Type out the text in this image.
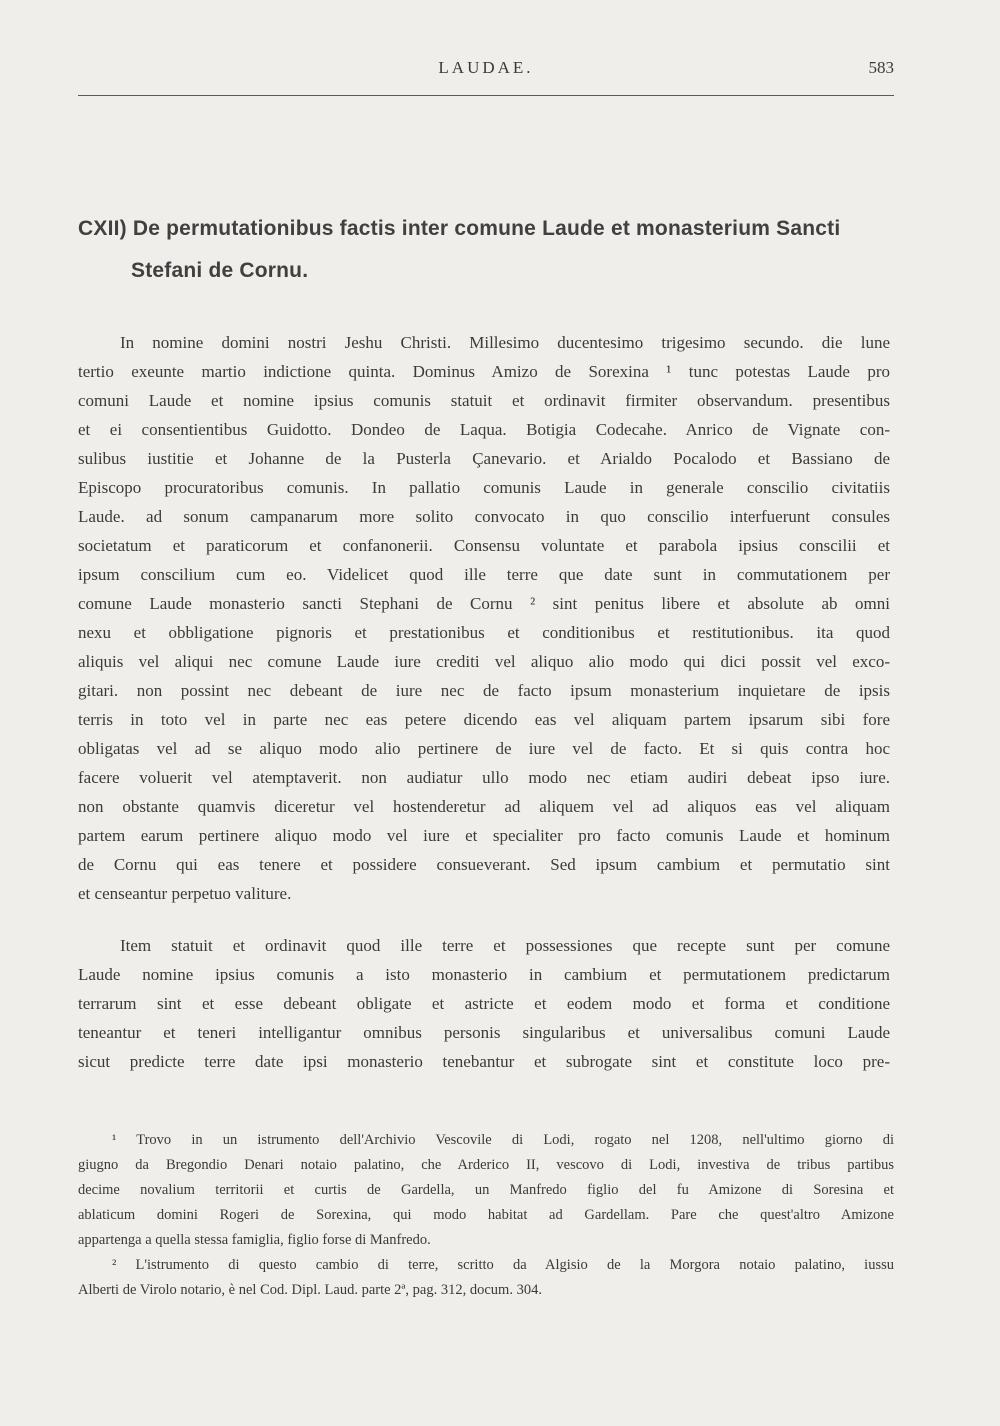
LAUDAE.	583
CXII) De permutationibus factis inter comune Laude et monasterium Sancti
Stefani de Cornu.
In nomine domini nostri Jeshu Christi. Millesimo ducentesimo trigesimo secundo. die lune
tertio exeunte martio indictione quinta. Dominus Amizo de Sorexina ¹ tunc potestas Laude pro
comuni Laude et nomine ipsius comunis statuit et ordinavit firmiter observandum. presentibus
et ei consentientibus Guidotto. Dondeo de Laqua. Botigia Codecahe. Anrico de Vignate con-
sulibus iustitie et Johanne de la Pusterla Çanevario. et Arialdo Pocalodo et Bassiano de
Episcopo procuratoribus comunis. In pallatio comunis Laude in generale conscilio civitatiis
Laude. ad sonum campanarum more solito convocato in quo conscilio interfuerunt consules
societatum et paraticorum et confanonerii. Consensu voluntate et parabola ipsius conscilii et
ipsum conscilium cum eo. Videlicet quod ille terre que date sunt in commutationem per
comune Laude monasterio sancti Stephani de Cornu ² sint penitus libere et absolute ab omni
nexu et obbligatione pignoris et prestationibus et conditionibus et restitutionibus. ita quod
aliquis vel aliqui nec comune Laude iure crediti vel aliquo alio modo qui dici possit vel exco-
gitari. non possint nec debeant de iure nec de facto ipsum monasterium inquietare de ipsis
terris in toto vel in parte nec eas petere dicendo eas vel aliquam partem ipsarum sibi fore
obligatas vel ad se aliquo modo alio pertinere de iure vel de facto. Et si quis contra hoc
facere voluerit vel atemptaverit. non audiatur ullo modo nec etiam audiri debeat ipso iure.
non obstante quamvis diceretur vel hostenderetur ad aliquem vel ad aliquos eas vel aliquam
partem earum pertinere aliquo modo vel iure et specialiter pro facto comunis Laude et hominum
de Cornu qui eas tenere et possidere consueverant. Sed ipsum cambium et permutatio sint
et censeantur perpetuo valiture.
Item statuit et ordinavit quod ille terre et possessiones que recepte sunt per comune
Laude nomine ipsius comunis a isto monasterio in cambium et permutationem predictarum
terrarum sint et esse debeant obligate et astricte et eodem modo et forma et conditione
teneantur et teneri intelligantur omnibus personis singularibus et universalibus comuni Laude
sicut predicte terre date ipsi monasterio tenebantur et subrogate sint et constitute loco pre-
¹ Trovo in un istrumento dell'Archivio Vescovile di Lodi, rogato nel 1208, nell'ultimo giorno di
giugno da Bregondio Denari notaio palatino, che Arderico II, vescovo di Lodi, investiva de tribus partibus
decime novalium territorii et curtis de Gardella, un Manfredo figlio del fu Amizone di Soresina et
ablaticum domini Rogeri de Sorexina, qui modo habitat ad Gardellam. Pare che quest'altro Amizone
appartenga a quella stessa famiglia, figlio forse di Manfredo.
² L'istrumento di questo cambio di terre, scritto da Algisio de la Morgora notaio palatino, iussu
Alberti de Virolo notario, è nel Cod. Dipl. Laud. parte 2ª, pag. 312, docum. 304.
